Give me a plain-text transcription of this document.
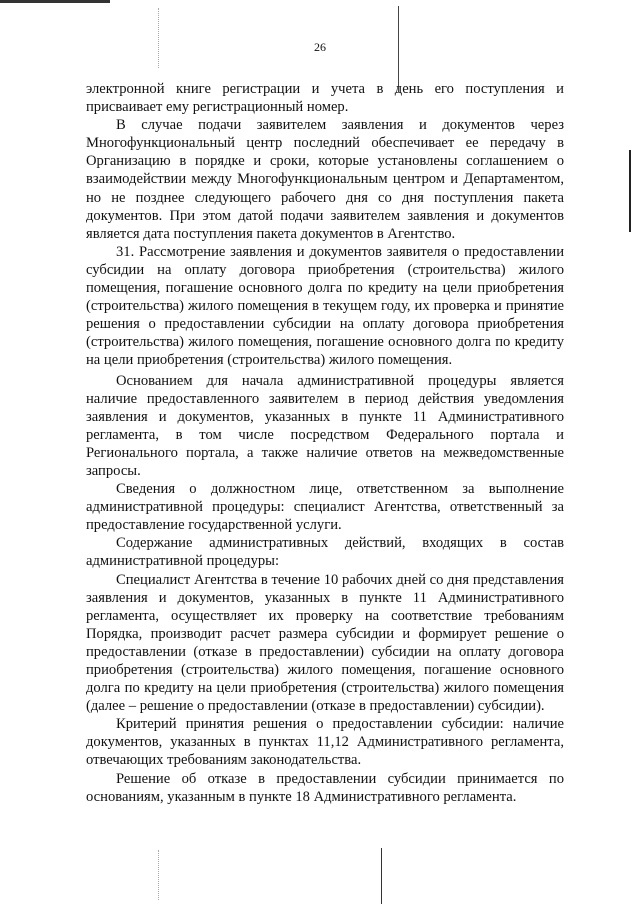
26

электронной книге регистрации и учета в день его поступления и присваивает ему регистрационный номер.

В случае подачи заявителем заявления и документов через Многофункциональный центр последний обеспечивает ее передачу в Организацию в порядке и сроки, которые установлены соглашением о взаимодействии между Многофункциональным центром и Департаментом, но не позднее следующего рабочего дня со дня поступления пакета документов. При этом датой подачи заявителем заявления и документов является дата поступления пакета документов в Агентство.

31. Рассмотрение заявления и документов заявителя о предоставлении субсидии на оплату договора приобретения (строительства) жилого помещения, погашение основного долга по кредиту на цели приобретения (строительства) жилого помещения в текущем году, их проверка и принятие решения о предоставлении субсидии на оплату договора приобретения (строительства) жилого помещения, погашение основного долга по кредиту на цели приобретения (строительства) жилого помещения.

Основанием для начала административной процедуры является наличие предоставленного заявителем в период действия уведомления заявления и документов, указанных в пункте 11 Административного регламента, в том числе посредством Федерального портала и Регионального портала, а также наличие ответов на межведомственные запросы.

Сведения о должностном лице, ответственном за выполнение административной процедуры: специалист Агентства, ответственный за предоставление государственной услуги.

Содержание административных действий, входящих в состав административной процедуры:

Специалист Агентства в течение 10 рабочих дней со дня представления заявления и документов, указанных в пункте 11 Административного регламента, осуществляет их проверку на соответствие требованиям Порядка, производит расчет размера субсидии и формирует решение о предоставлении (отказе в предоставлении) субсидии на оплату договора приобретения (строительства) жилого помещения, погашение основного долга по кредиту на цели приобретения (строительства) жилого помещения (далее – решение о предоставлении (отказе в предоставлении) субсидии).

Критерий принятия решения о предоставлении субсидии: наличие документов, указанных в пунктах 11,12 Административного регламента, отвечающих требованиям законодательства.

Решение об отказе в предоставлении субсидии принимается по основаниям, указанным в пункте 18 Административного регламента.
